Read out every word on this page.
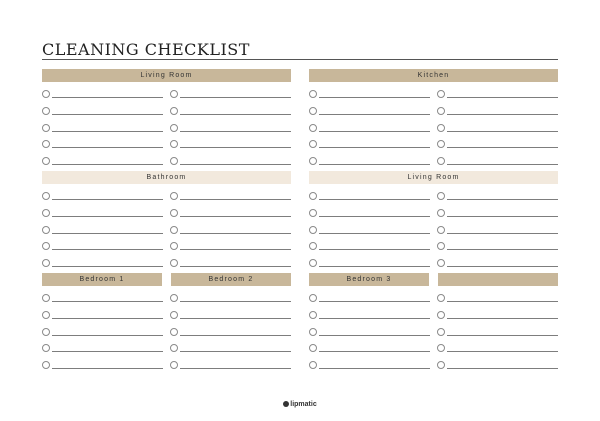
CLEANING CHECKLIST
Living Room	Kitchen
Bathroom	Living Room
Bedroom 1	Bedroom 2	Bedroom 3
lipmatic
